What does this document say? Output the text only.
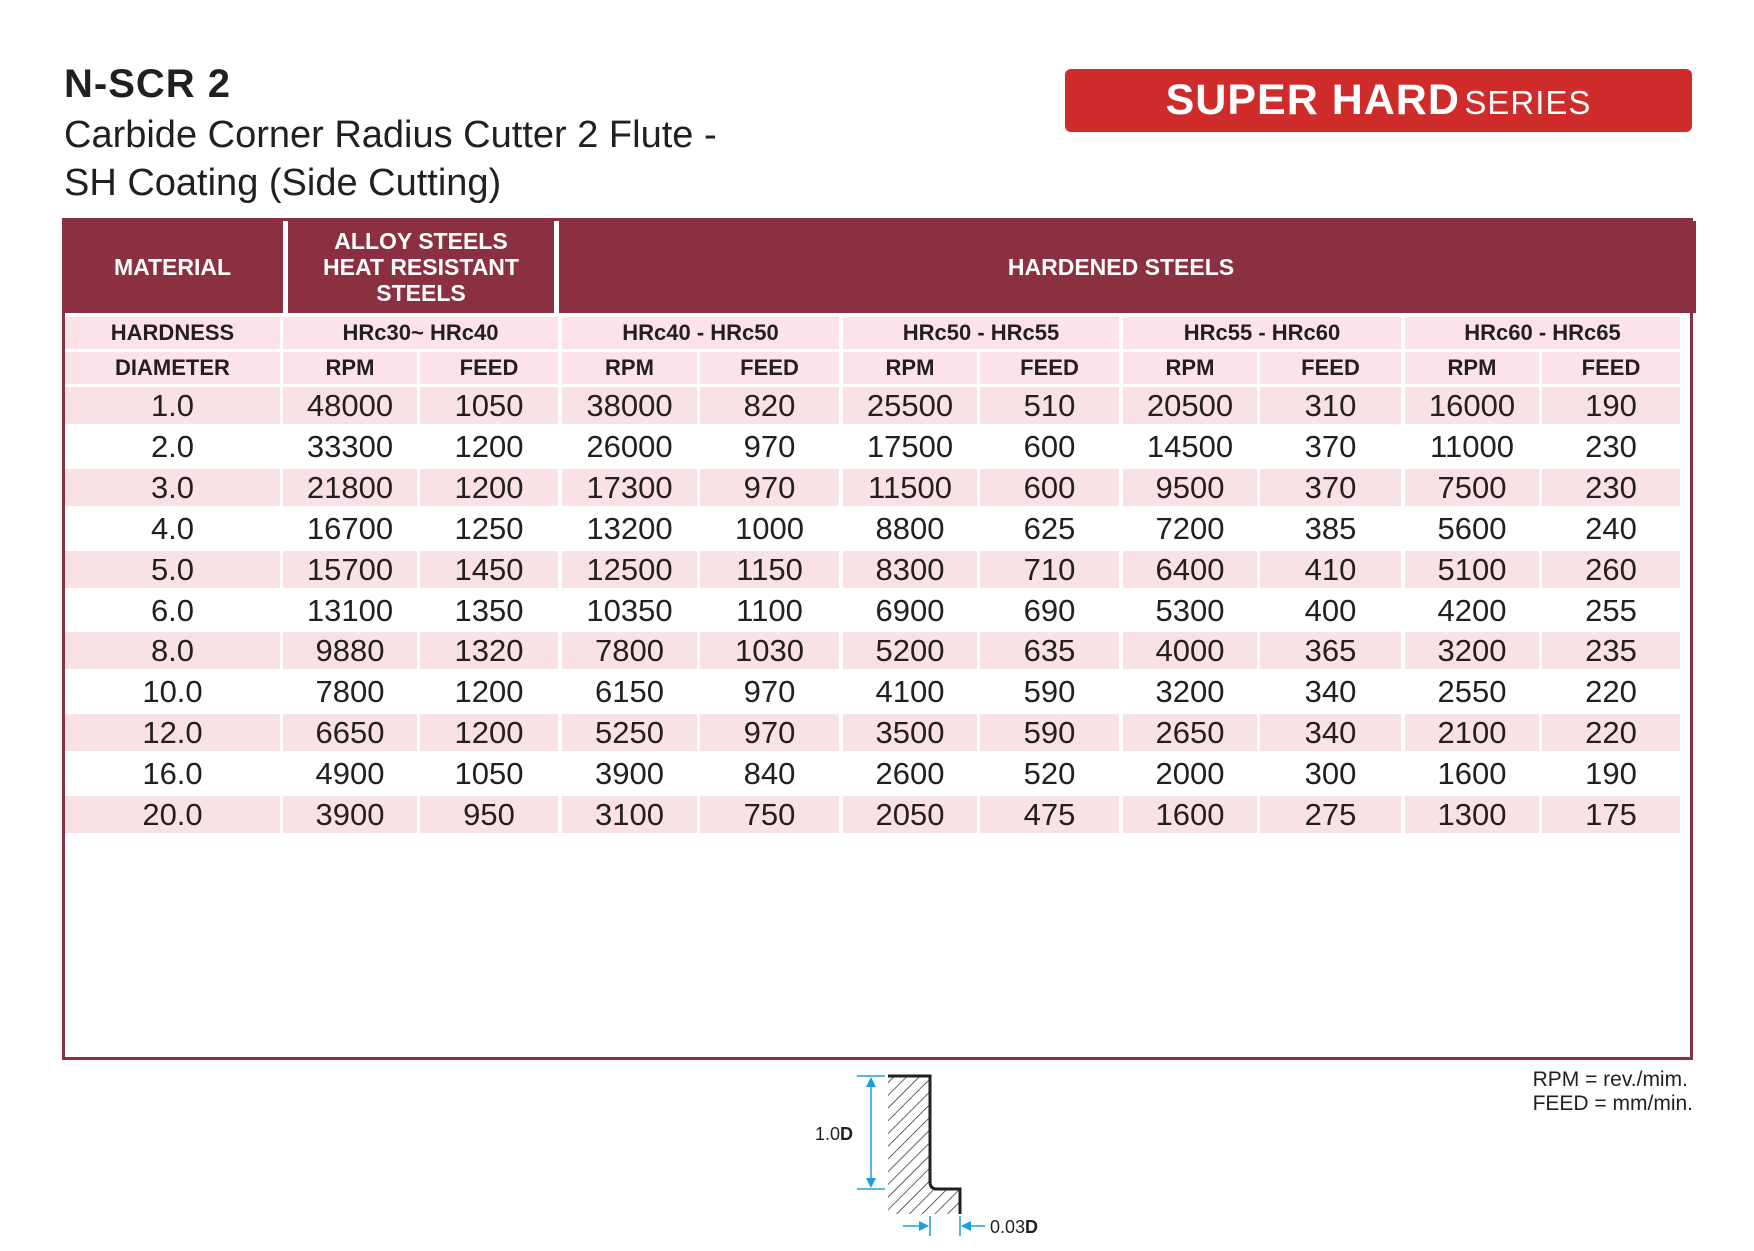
N-SCR 2
Carbide Corner Radius Cutter 2 Flute -
SH Coating (Side Cutting)
SUPER HARD SERIES
MATERIAL
ALLOY STEELS HEAT RESISTANT STEELS
HARDENED STEELS
HARDNESS	HRc30~ HRc40	HRc40 - HRc50	HRc50 - HRc55	HRc55 - HRc60	HRc60 - HRc65
DIAMETER	RPM	FEED	RPM	FEED	RPM	FEED	RPM	FEED	RPM	FEED
1.0	48000	1050	38000	820	25500	510	20500	310	16000	190
2.0	33300	1200	26000	970	17500	600	14500	370	11000	230
3.0	21800	1200	17300	970	11500	600	9500	370	7500	230
4.0	16700	1250	13200	1000	8800	625	7200	385	5600	240
5.0	15700	1450	12500	1150	8300	710	6400	410	5100	260
6.0	13100	1350	10350	1100	6900	690	5300	400	4200	255
8.0	9880	1320	7800	1030	5200	635	4000	365	3200	235
10.0	7800	1200	6150	970	4100	590	3200	340	2550	220
12.0	6650	1200	5250	970	3500	590	2650	340	2100	220
16.0	4900	1050	3900	840	2600	520	2000	300	1600	190
20.0	3900	950	3100	750	2050	475	1600	275	1300	175
1.0D
0.03D
RPM = rev./mim.
FEED = mm/min.
